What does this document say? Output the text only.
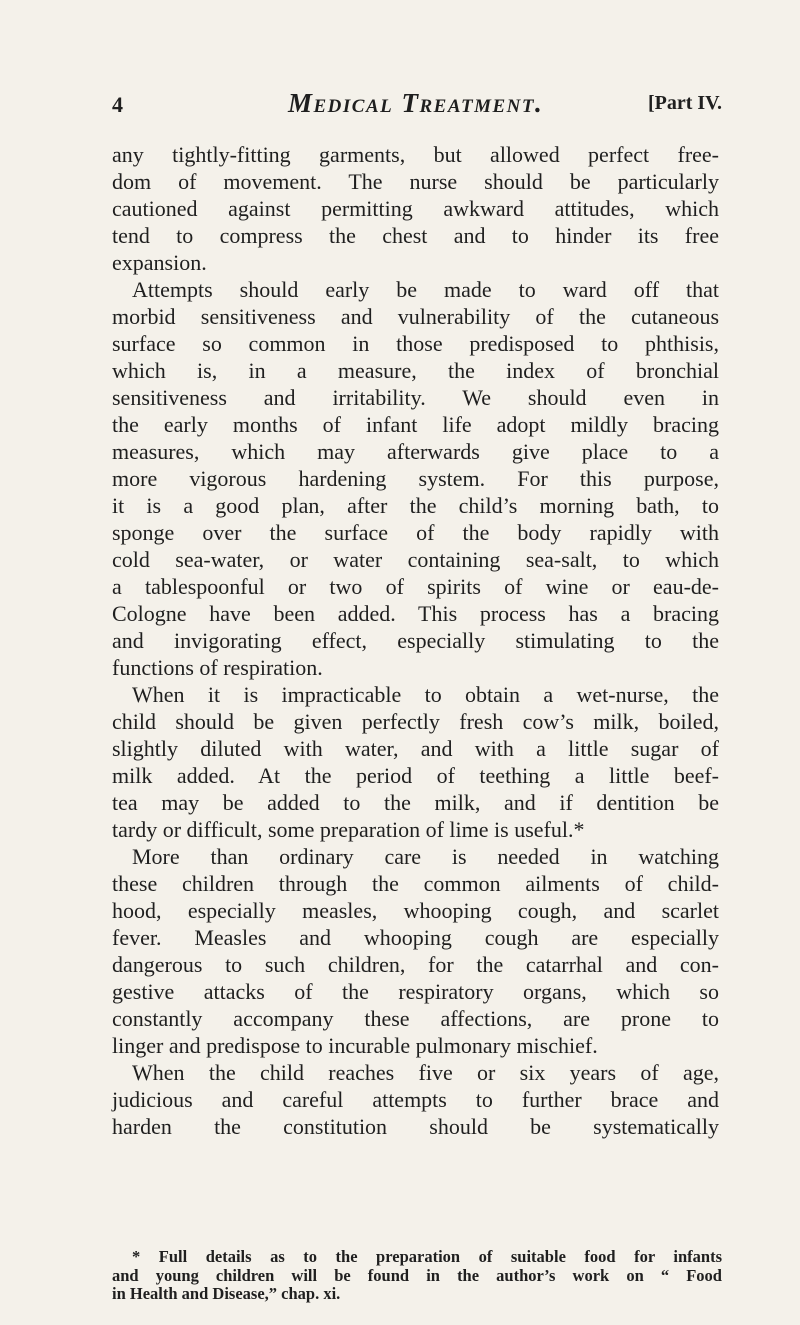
4	Medical Treatment.	[Part IV.

any tightly-fitting garments, but allowed perfect free-
dom of movement. The nurse should be particularly
cautioned against permitting awkward attitudes, which
tend to compress the chest and to hinder its free
expansion.

Attempts should early be made to ward off that
morbid sensitiveness and vulnerability of the cutaneous
surface so common in those predisposed to phthisis,
which is, in a measure, the index of bronchial
sensitiveness and irritability. We should even in
the early months of infant life adopt mildly bracing
measures, which may afterwards give place to a
more vigorous hardening system. For this purpose,
it is a good plan, after the child’s morning bath, to
sponge over the surface of the body rapidly with
cold sea-water, or water containing sea-salt, to which
a tablespoonful or two of spirits of wine or eau-de-
Cologne have been added. This process has a bracing
and invigorating effect, especially stimulating to the
functions of respiration.

When it is impracticable to obtain a wet-nurse, the
child should be given perfectly fresh cow’s milk, boiled,
slightly diluted with water, and with a little sugar of
milk added. At the period of teething a little beef-
tea may be added to the milk, and if dentition be
tardy or difficult, some preparation of lime is useful.*

More than ordinary care is needed in watching
these children through the common ailments of child-
hood, especially measles, whooping cough, and scarlet
fever. Measles and whooping cough are especially
dangerous to such children, for the catarrhal and con-
gestive attacks of the respiratory organs, which so
constantly accompany these affections, are prone to
linger and predispose to incurable pulmonary mischief.

When the child reaches five or six years of age,
judicious and careful attempts to further brace and
harden the constitution should be systematically

* Full details as to the preparation of suitable food for infants
and young children will be found in the author’s work on “ Food
in Health and Disease,” chap. xi.
